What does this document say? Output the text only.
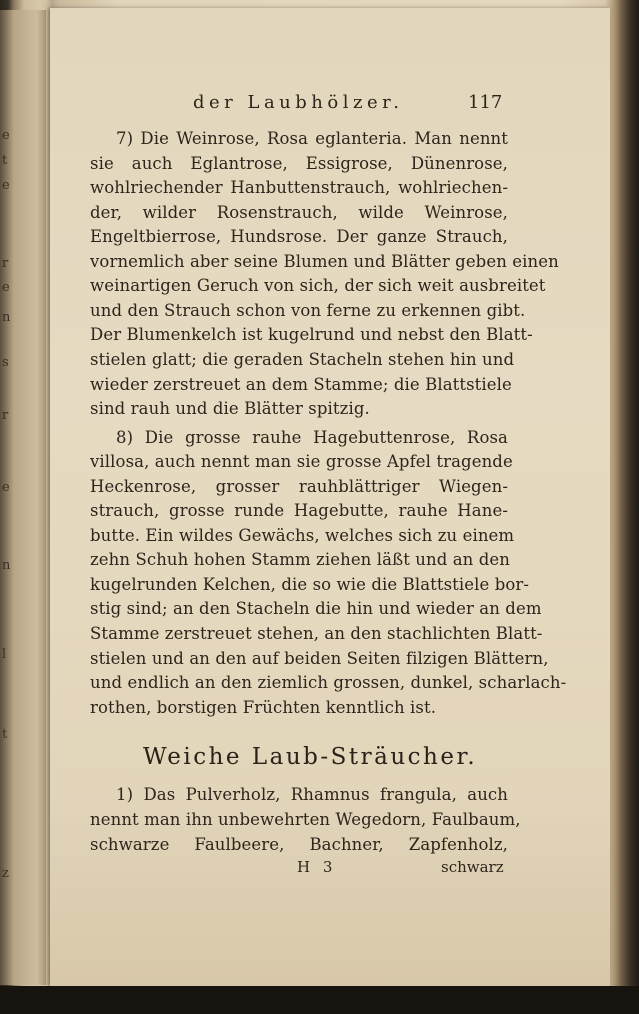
e
t
e
r
e
n
s
r
e
n
l
t
z
der Laubhölzer.	117
7) Die Weinrose, Rosa eglanteria. Man nennt
sie auch Eglantrose, Essigrose, Dünenrose,
wohlriechender Hanbuttenstrauch, wohlriechen-
der, wilder Rosenstrauch, wilde Weinrose,
Engeltbierrose, Hundsrose. Der ganze Strauch,
vornemlich aber seine Blumen und Blätter geben einen
weinartigen Geruch von sich, der sich weit ausbreitet
und den Strauch schon von ferne zu erkennen gibt.
Der Blumenkelch ist kugelrund und nebst den Blatt-
stielen glatt; die geraden Stacheln stehen hin und
wieder zerstreuet an dem Stamme; die Blattstiele
sind rauh und die Blätter spitzig.
8) Die grosse rauhe Hagebuttenrose, Rosa
villosa, auch nennt man sie grosse Apfel tragende
Heckenrose, grosser rauhblättriger Wiegen-
strauch, grosse runde Hagebutte, rauhe Hane-
butte. Ein wildes Gewächs, welches sich zu einem
zehn Schuh hohen Stamm ziehen läßt und an den
kugelrunden Kelchen, die so wie die Blattstiele bor-
stig sind; an den Stacheln die hin und wieder an dem
Stamme zerstreuet stehen, an den stachlichten Blatt-
stielen und an den auf beiden Seiten filzigen Blättern,
und endlich an den ziemlich grossen, dunkel, scharlach-
rothen, borstigen Früchten kenntlich ist.
Weiche Laub-Sträucher.
1) Das Pulverholz, Rhamnus frangula, auch
nennt man ihn unbewehrten Wegedorn, Faulbaum,
schwarze Faulbeere, Bachner, Zapfenholz,
H 3	schwarz
